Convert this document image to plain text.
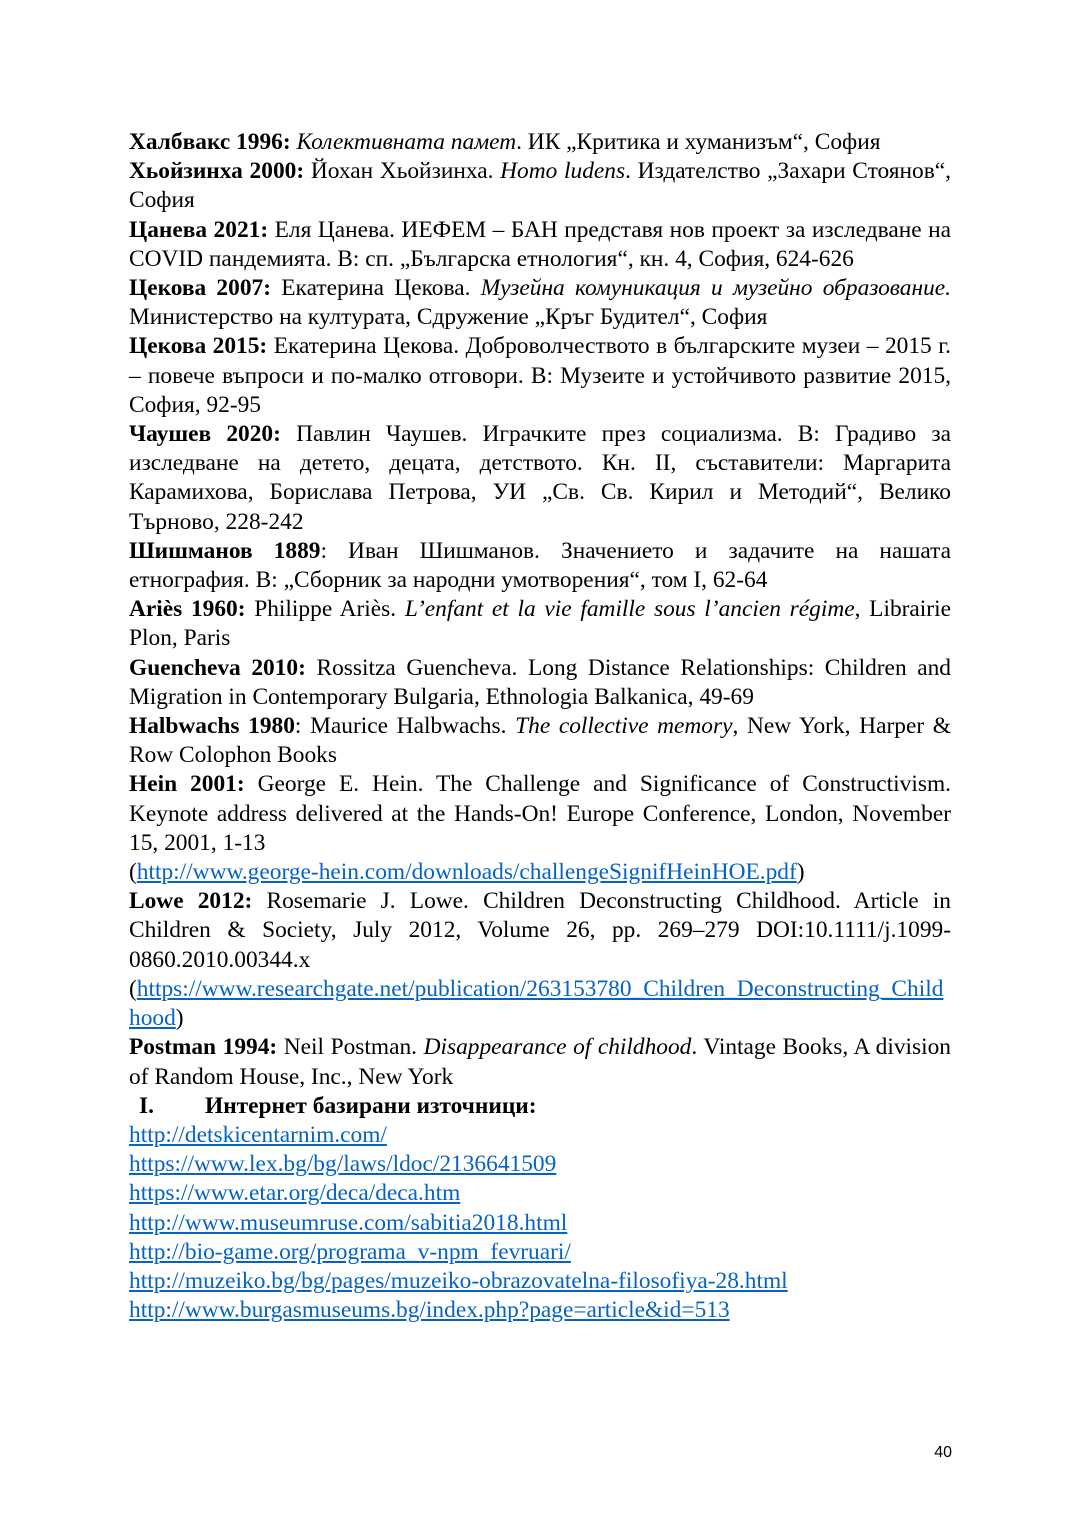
Халбвакс 1996: Колективната памет. ИК „Критика и хуманизъм“, София

Хьойзинха 2000: Йохан Хьойзинха. Homo ludens. Издателство „Захари Стоянов“, София

Цанева 2021: Еля Цанева. ИЕФЕМ – БАН представя нов проект за изследване на COVID пандемията. В: сп. „Българска етнология“, кн. 4, София, 624-626

Цекова 2007: Екатерина Цекова. Музейна комуникация и музейно образование. Министерство на културата, Сдружение „Кръг Будител“, София

Цекова 2015: Екатерина Цекова. Доброволчеството в българските музеи – 2015 г. – повече въпроси и по-малко отговори. В: Музеите и устойчивото развитие 2015, София, 92-95

Чаушев 2020: Павлин Чаушев. Играчките през социализма. В: Градиво за изследване на детето, децата, детството. Кн. II, съставители: Маргарита Карамихова, Борислава Петрова, УИ „Св. Св. Кирил и Методий“, Велико Търново, 228-242

Шишманов 1889: Иван Шишманов. Значението и задачите на нашата етнография. В: „Сборник за народни умотворения“, том I, 62-64

Ariès 1960: Philippe Ariès. L’enfant et la vie famille sous l’ancien régime, Librairie Plon, Paris

Guencheva 2010: Rossitza Guencheva. Long Distance Relationships: Children and Migration in Contemporary Bulgaria, Ethnologia Balkanica, 49-69

Halbwachs 1980: Maurice Halbwachs. The collective memory, New York, Harper & Row Colophon Books

Hein 2001: George E. Hein. The Challenge and Significance of Constructivism. Keynote address delivered at the Hands-On! Europe Conference, London, November 15, 2001, 1-13

(http://www.george-hein.com/downloads/challengeSignifHeinHOE.pdf)

Lowe 2012: Rosemarie J. Lowe. Children Deconstructing Childhood. Article in Children & Society, July 2012, Volume 26, pp. 269–279 DOI:10.1111/j.1099-0860.2010.00344.x

(https://www.researchgate.net/publication/263153780_Children_Deconstructing_Childhood)

Postman 1994: Neil Postman. Disappearance of childhood. Vintage Books, A division of Random House, Inc., New York

I. Интернет базирани източници:

http://detskicentarnim.com/

https://www.lex.bg/bg/laws/ldoc/2136641509

https://www.etar.org/deca/deca.htm

http://www.museumruse.com/sabitia2018.html

http://bio-game.org/programa_v-npm_fevruari/

http://muzeiko.bg/bg/pages/muzeiko-obrazovatelna-filosofiya-28.html

http://www.burgasmuseums.bg/index.php?page=article&id=513

40
